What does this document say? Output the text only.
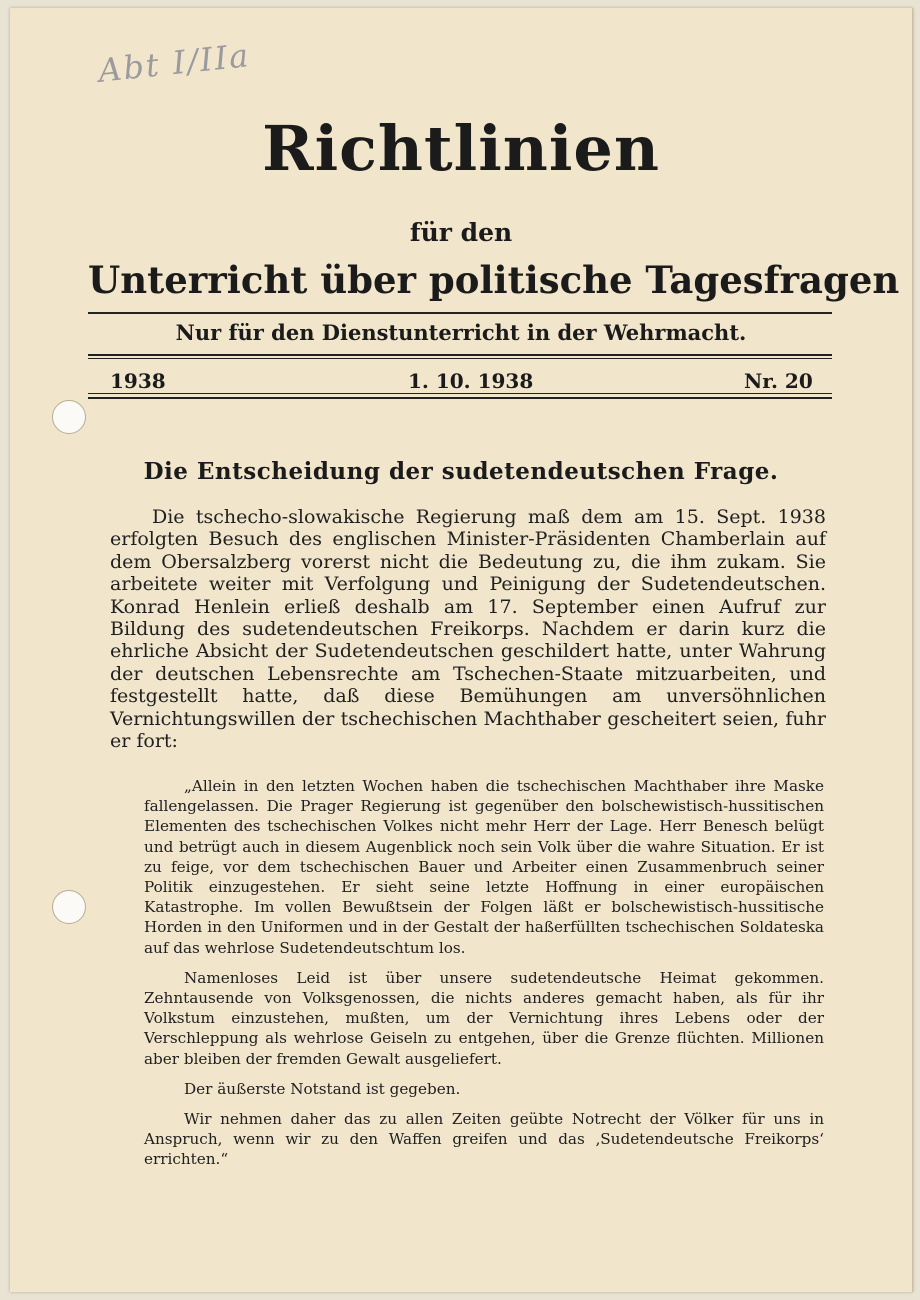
Abt I/IIa
Richtlinien
für den
Unterricht über politische Tagesfragen
Nur für den Dienstunterricht in der Wehrmacht.
1938	1. 10. 1938	Nr. 20
Die Entscheidung der sudetendeutschen Frage.

Die tschecho-slowakische Regierung maß dem am 15. Sept. 1938 erfolgten Besuch des englischen Minister-Präsidenten Chamberlain auf dem Obersalzberg vorerst nicht die Bedeutung zu, die ihm zukam. Sie arbeitete weiter mit Verfolgung und Peinigung der Sudetendeutschen. Konrad Henlein erließ deshalb am 17. September einen Aufruf zur Bildung des sudetendeutschen Freikorps. Nachdem er darin kurz die ehrliche Absicht der Sudetendeutschen geschildert hatte, unter Wahrung der deutschen Lebensrechte am Tschechen-Staate mitzuarbeiten, und festgestellt hatte, daß diese Bemühungen am unversöhnlichen Vernichtungswillen der tschechischen Machthaber gescheitert seien, fuhr er fort:

„Allein in den letzten Wochen haben die tschechischen Machthaber ihre Maske fallengelassen. Die Prager Regierung ist gegenüber den bolschewistisch-hussitischen Elementen des tschechischen Volkes nicht mehr Herr der Lage. Herr Benesch belügt und betrügt auch in diesem Augenblick noch sein Volk über die wahre Situation. Er ist zu feige, vor dem tschechischen Bauer und Arbeiter einen Zusammenbruch seiner Politik einzugestehen. Er sieht seine letzte Hoffnung in einer europäischen Katastrophe. Im vollen Bewußtsein der Folgen läßt er bolschewistisch-hussitische Horden in den Uniformen und in der Gestalt der haßerfüllten tschechischen Soldateska auf das wehrlose Sudetendeutschtum los.

Namenloses Leid ist über unsere sudetendeutsche Heimat gekommen. Zehntausende von Volksgenossen, die nichts anderes gemacht haben, als für ihr Volkstum einzustehen, mußten, um der Vernichtung ihres Lebens oder der Verschleppung als wehrlose Geiseln zu entgehen, über die Grenze flüchten. Millionen aber bleiben der fremden Gewalt ausgeliefert.

Der äußerste Notstand ist gegeben.

Wir nehmen daher das zu allen Zeiten geübte Notrecht der Völker für uns in Anspruch, wenn wir zu den Waffen greifen und das ‚Sudetendeutsche Freikorps‘ errichten.“
